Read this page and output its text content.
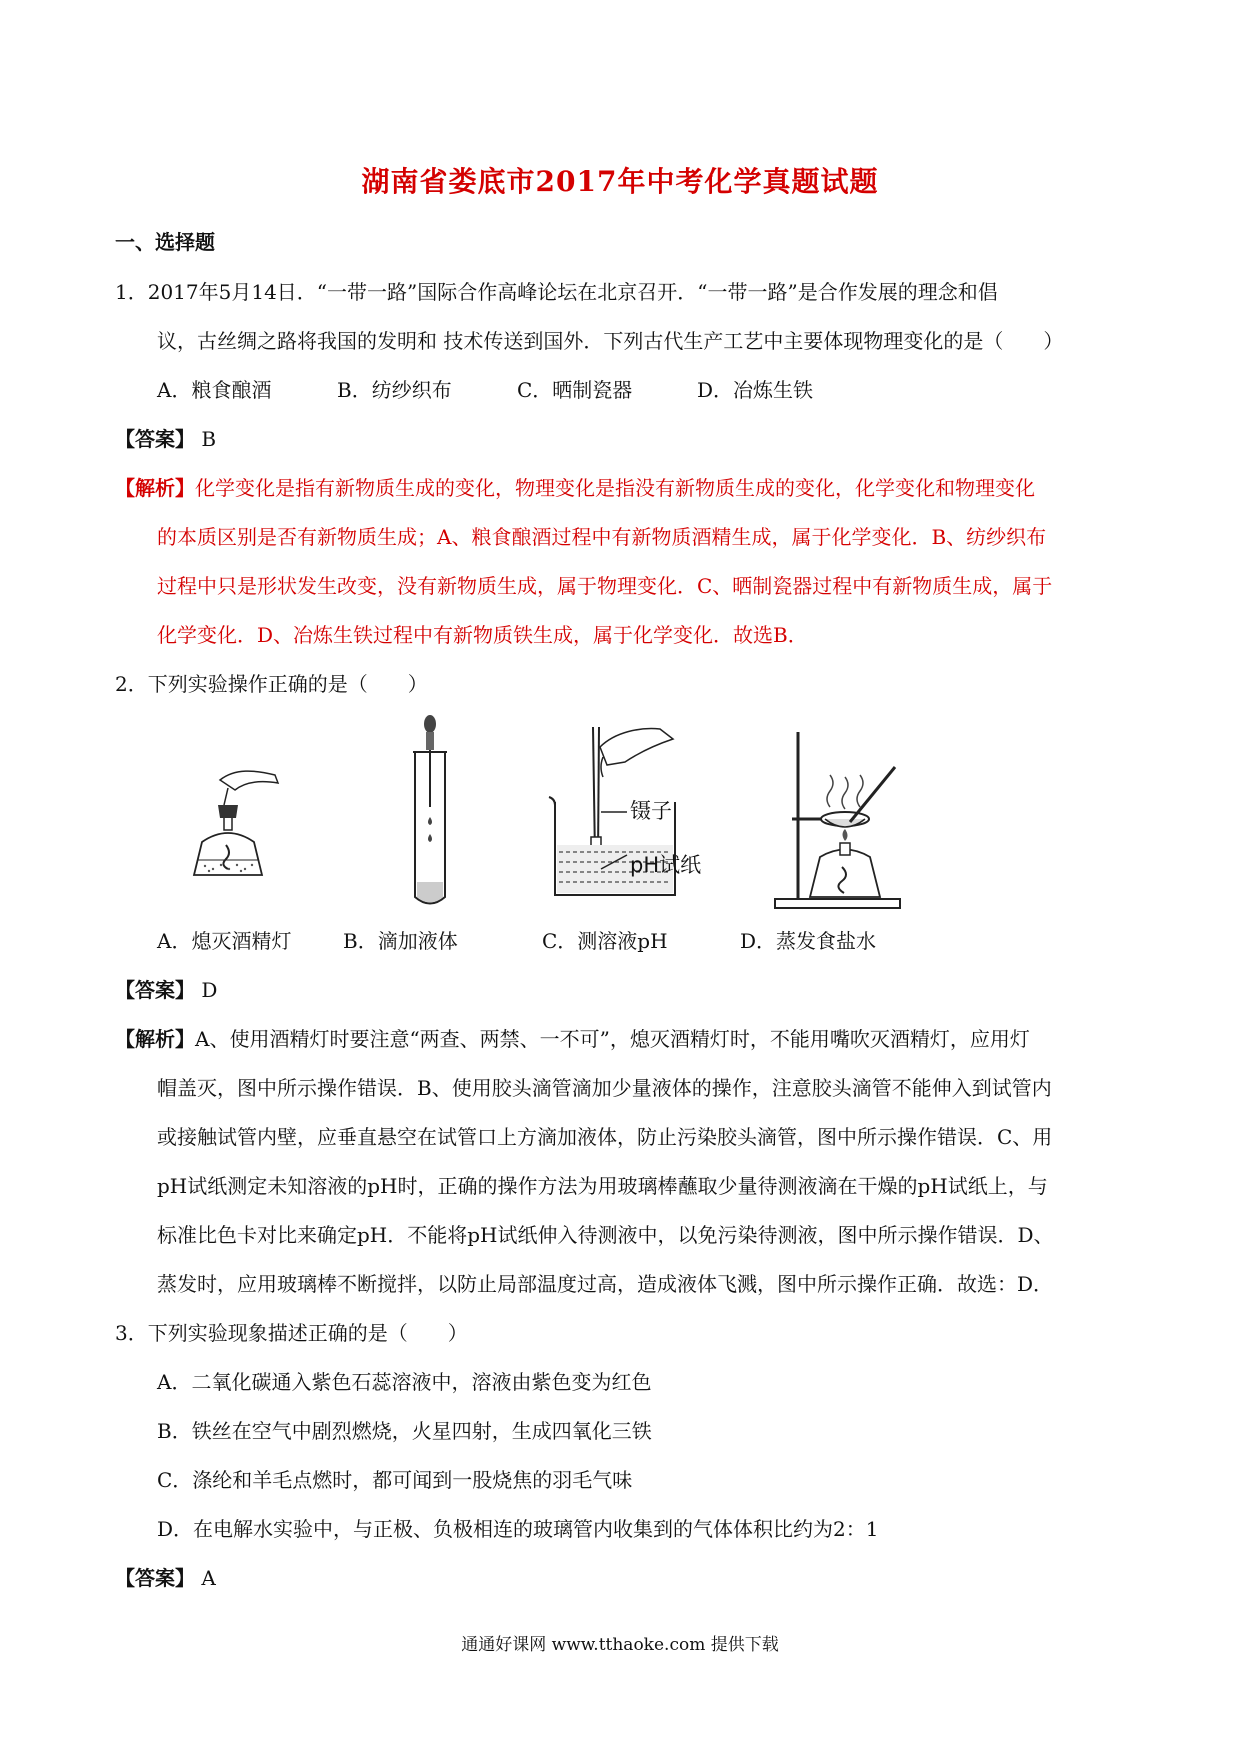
湖南省娄底市2017年中考化学真题试题
一、选择题
1．2017年5月14日．“一带一路”国际合作高峰论坛在北京召开．“一带一路”是合作发展的理念和倡
议，古丝绸之路将我国的发明和 技术传送到国外．下列古代生产工艺中主要体现物理变化的是（　　）
A．粮食酿酒	B．纺纱织布	C．晒制瓷器	D．冶炼生铁
【答案】 B
【解析】化学变化是指有新物质生成的变化，物理变化是指没有新物质生成的变化，化学变化和物理变化
的本质区别是否有新物质生成；A、粮食酿酒过程中有新物质酒精生成，属于化学变化．B、纺纱织布
过程中只是形状发生改变，没有新物质生成，属于物理变化．C、晒制瓷器过程中有新物质生成，属于
化学变化．D、冶炼生铁过程中有新物质铁生成，属于化学变化．故选B．
2．下列实验操作正确的是（　　）
镊子
pH试纸
A．熄灭酒精灯	B．滴加液体	C．测溶液pH	D．蒸发食盐水
【答案】 D
【解析】A、使用酒精灯时要注意“两查、两禁、一不可”，熄灭酒精灯时，不能用嘴吹灭酒精灯，应用灯
帽盖灭，图中所示操作错误．B、使用胶头滴管滴加少量液体的操作，注意胶头滴管不能伸入到试管内
或接触试管内壁，应垂直悬空在试管口上方滴加液体，防止污染胶头滴管，图中所示操作错误．C、用
pH试纸测定未知溶液的pH时，正确的操作方法为用玻璃棒蘸取少量待测液滴在干燥的pH试纸上，与
标准比色卡对比来确定pH．不能将pH试纸伸入待测液中，以免污染待测液，图中所示操作错误．D、
蒸发时，应用玻璃棒不断搅拌，以防止局部温度过高，造成液体飞溅，图中所示操作正确．故选：D．
3．下列实验现象描述正确的是（　　）
A．二氧化碳通入紫色石蕊溶液中，溶液由紫色变为红色
B．铁丝在空气中剧烈燃烧，火星四射，生成四氧化三铁
C．涤纶和羊毛点燃时，都可闻到一股烧焦的羽毛气味
D．在电解水实验中，与正极、负极相连的玻璃管内收集到的气体体积比约为2：1
【答案】 A
通通好课网 www.tthaoke.com 提供下载
